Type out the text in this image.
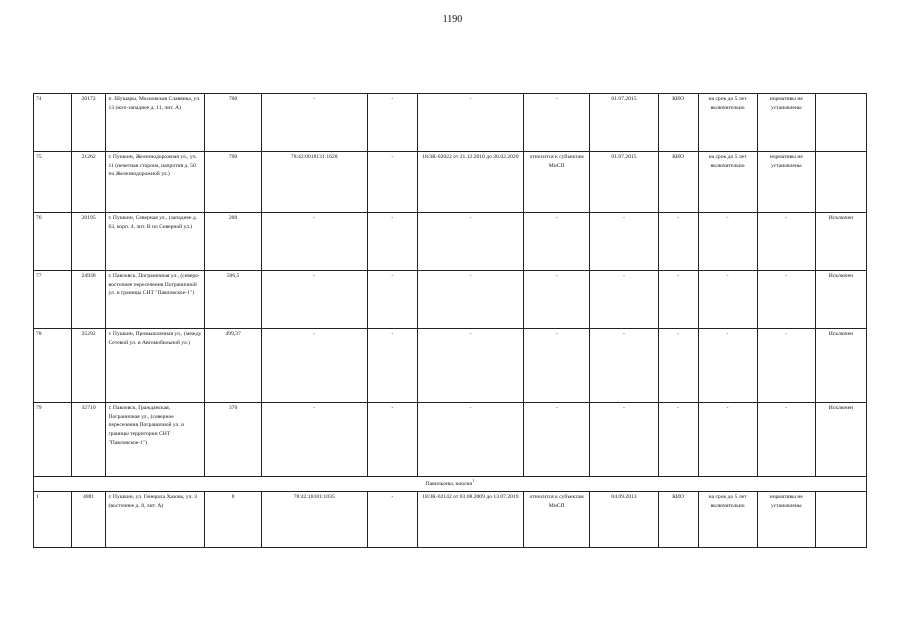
1190
74	20172	п. Шушары, Московская Славянка, ул. 13 (юго-западнее д. 11, лит. А)	700	-	-	-	-	01.07.2015	КИО	на срок до 5 лет включительно	нормативы не установлены	
75	21262	г. Пушкин, Железнодорожная ул., уч. 11 (нечетная сторона, напротив д. 50 по Железнодорожной ул.)	700	78:42:0018131:1628	-	18/ЗК-02022 от 21.12.2010 до 26.02.2020	относится к субъектам МиСП	01.07.2015	КИО	на срок до 5 лет включительно	нормативы не установлены	
76	20195	г. Пушкин, Северная ул., (западнее д. 63, корп. 4, лит. В по Северной ул.)	200	-	-	-	-	-	-	-	-	Исключен
77	24938	г. Павловск, Пограничная ул., (северо-восточнее пересечения Пограничной ул. и границы СНТ "Павловское-1")	506,5	-	-	-	-	-	-	-	-	Исключен
78	35292	г. Пушкин, Промышленная ул., (между Сетевой ул. и Автомобильной ул.)	499,37	-	-	-	-	-	-	-	-	Исключен
79	32710	г. Павловск, Гражданская, Пограничная ул., (северное пересечения Пограничной ул. и границы территории СНТ "Павловское-1")	370	-	-	-	-	-	-	-	-	Исключен
Павильоны, киоски$^1$
1	4881	г. Пушкин, ул. Генерала Хазова, уч. 3 (восточнее д. 8, лит. А)	8	78:42:18101:1035	-	18/ЗК-02142 от 03.08.2009 до 13.07.2019	относится к субъектам МиСП	04.09.2013	КИО	на срок до 5 лет включительно	нормативы не установлены	
